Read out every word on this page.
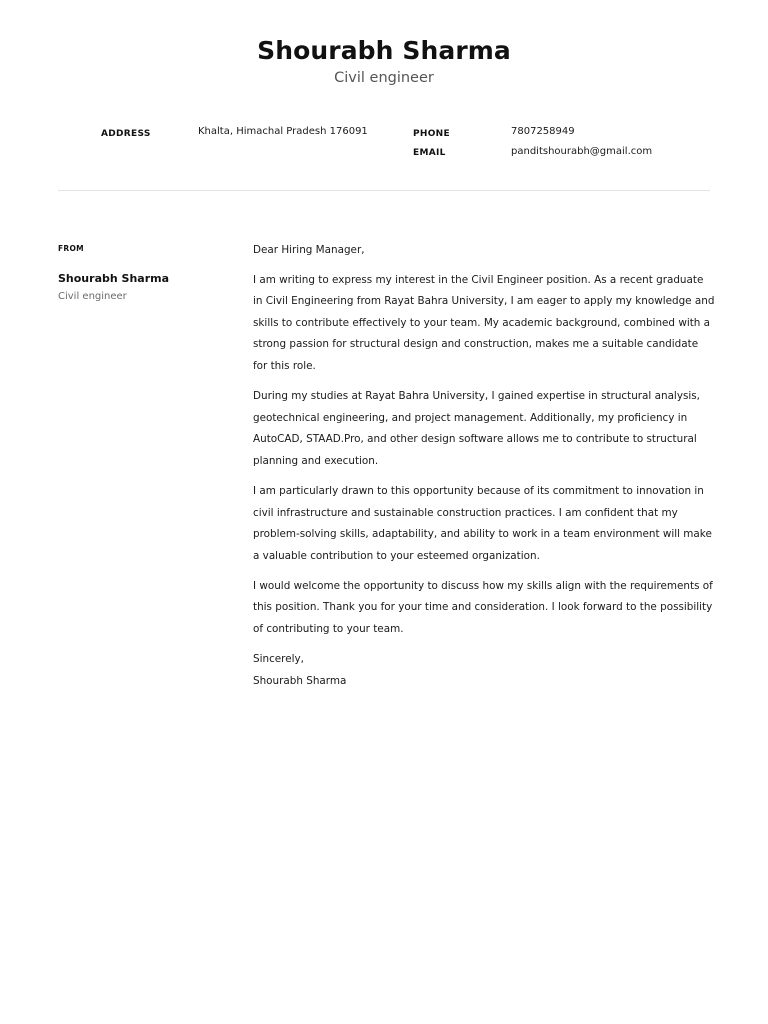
Shourabh Sharma
Civil engineer
ADDRESS	Khalta, Himachal Pradesh 176091	PHONE	7807258949
EMAIL	panditshourabh@gmail.com
FROM
Shourabh Sharma
Civil engineer

Dear Hiring Manager,

I am writing to express my interest in the Civil Engineer position. As a recent graduate in Civil Engineering from Rayat Bahra University, I am eager to apply my knowledge and skills to contribute effectively to your team. My academic background, combined with a strong passion for structural design and construction, makes me a suitable candidate for this role.

During my studies at Rayat Bahra University, I gained expertise in structural analysis, geotechnical engineering, and project management. Additionally, my proficiency in AutoCAD, STAAD.Pro, and other design software allows me to contribute to structural planning and execution.

I am particularly drawn to this opportunity because of its commitment to innovation in civil infrastructure and sustainable construction practices. I am confident that my problem-solving skills, adaptability, and ability to work in a team environment will make a valuable contribution to your esteemed organization.

I would welcome the opportunity to discuss how my skills align with the requirements of this position. Thank you for your time and consideration. I look forward to the possibility of contributing to your team.

Sincerely,

Shourabh Sharma
